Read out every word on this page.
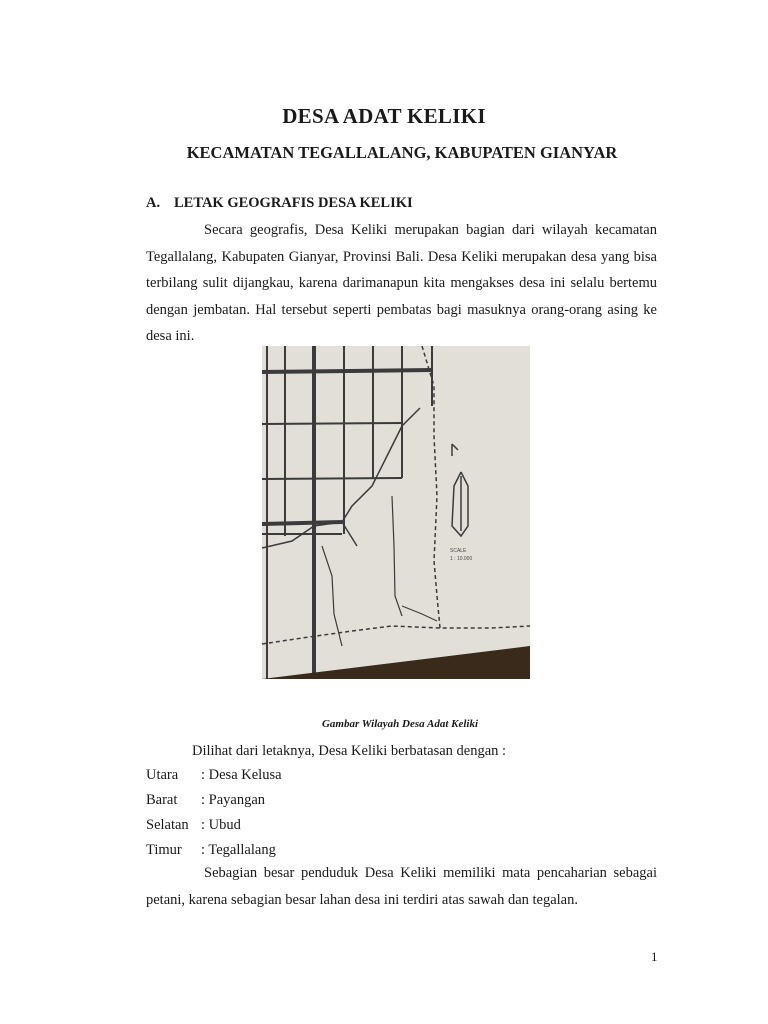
DESA ADAT KELIKI
KECAMATAN TEGALLALANG, KABUPATEN GIANYAR
A. LETAK GEOGRAFIS DESA KELIKI

Secara geografis, Desa Keliki merupakan bagian dari wilayah kecamatan Tegallalang, Kabupaten Gianyar, Provinsi Bali. Desa Keliki merupakan desa yang bisa terbilang sulit dijangkau, karena darimanapun kita mengakses desa ini selalu bertemu dengan jembatan. Hal tersebut seperti pembatas bagi masuknya orang-orang asing ke desa ini.

SCALE
1 : 10.000
Gambar Wilayah Desa Adat Keliki
Dilihat dari letaknya, Desa Keliki berbatasan dengan :
Utara : Desa Kelusa
Barat : Payangan
Selatan : Ubud
Timur : Tegallalang

Sebagian besar penduduk Desa Keliki memiliki mata pencaharian sebagai petani, karena sebagian besar lahan desa ini terdiri atas sawah dan tegalan.

1
